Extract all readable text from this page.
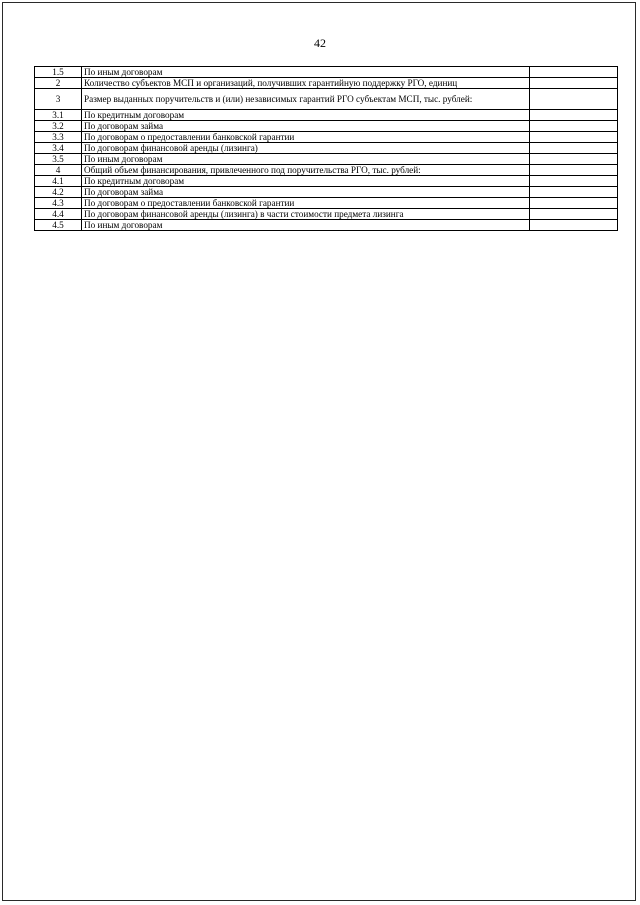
42
1.5	По иным договорам	
2	Количество субъектов МСП и организаций, получивших гарантийную поддержку РГО, единиц	
3	Размер выданных поручительств и (или) независимых гарантий РГО субъектам МСП, тыс. рублей:	
3.1	По кредитным договорам	
3.2	По договорам займа	
3.3	По договорам о предоставлении банковской гарантии	
3.4	По договорам финансовой аренды (лизинга)	
3.5	По иным договорам	
4	Общий объем финансирования, привлеченного под поручительства РГО, тыс. рублей:	
4.1	По кредитным договорам	
4.2	По договорам займа	
4.3	По договорам о предоставлении банковской гарантии	
4.4	По договорам финансовой аренды (лизинга) в части стоимости предмета лизинга	
4.5	По иным договорам	
